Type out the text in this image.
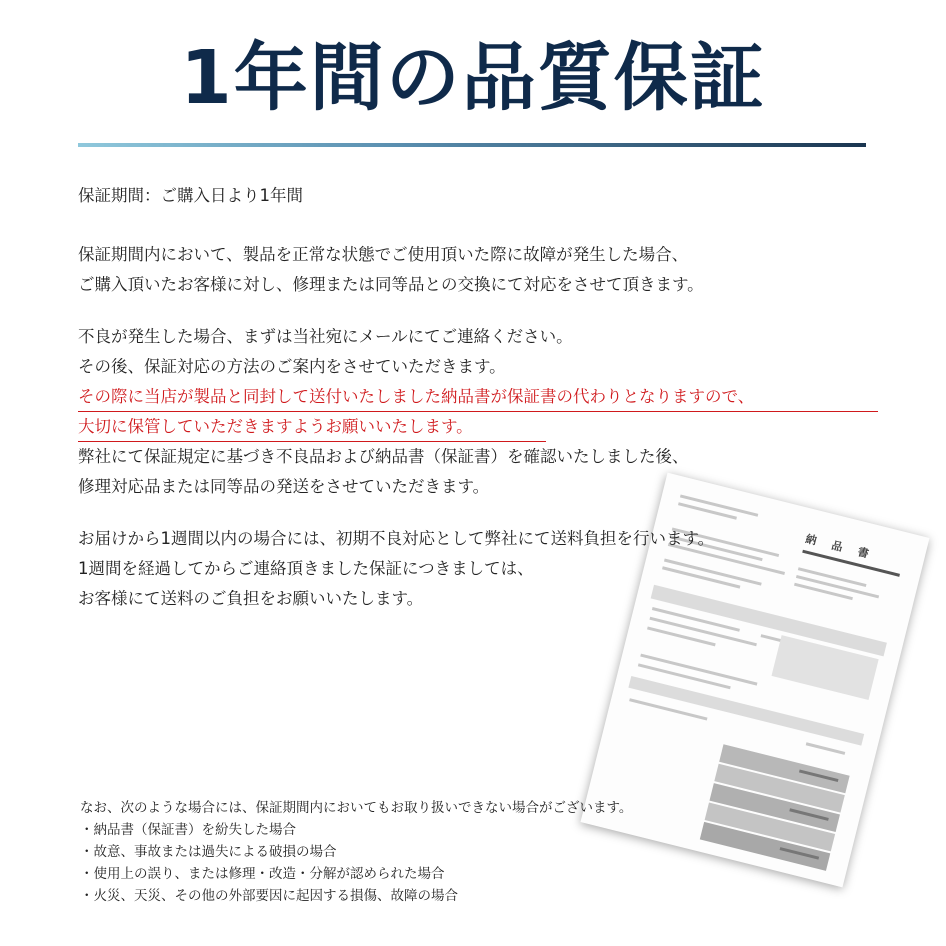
1年間の品質保証
保証期間：ご購入日より1年間
保証期間内において、製品を正常な状態でご使用頂いた際に故障が発生した場合、
ご購入頂いたお客様に対し、修理または同等品との交換にて対応をさせて頂きます。
不良が発生した場合、まずは当社宛にメールにてご連絡ください。
その後、保証対応の方法のご案内をさせていただきます。
その際に当店が製品と同封して送付いたしました納品書が保証書の代わりとなりますので、
大切に保管していただきますようお願いいたします。
弊社にて保証規定に基づき不良品および納品書（保証書）を確認いたしました後、
修理対応品または同等品の発送をさせていただきます。
お届けから1週間以内の場合には、初期不良対応として弊社にて送料負担を行います。
1週間を経過してからご連絡頂きました保証につきましては、
お客様にて送料のご負担をお願いいたします。
納 品 書
なお、次のような場合には、保証期間内においてもお取り扱いできない場合がございます。
・納品書（保証書）を紛失した場合
・故意、事故または過失による破損の場合
・使用上の誤り、または修理・改造・分解が認められた場合
・火災、天災、その他の外部要因に起因する損傷、故障の場合
